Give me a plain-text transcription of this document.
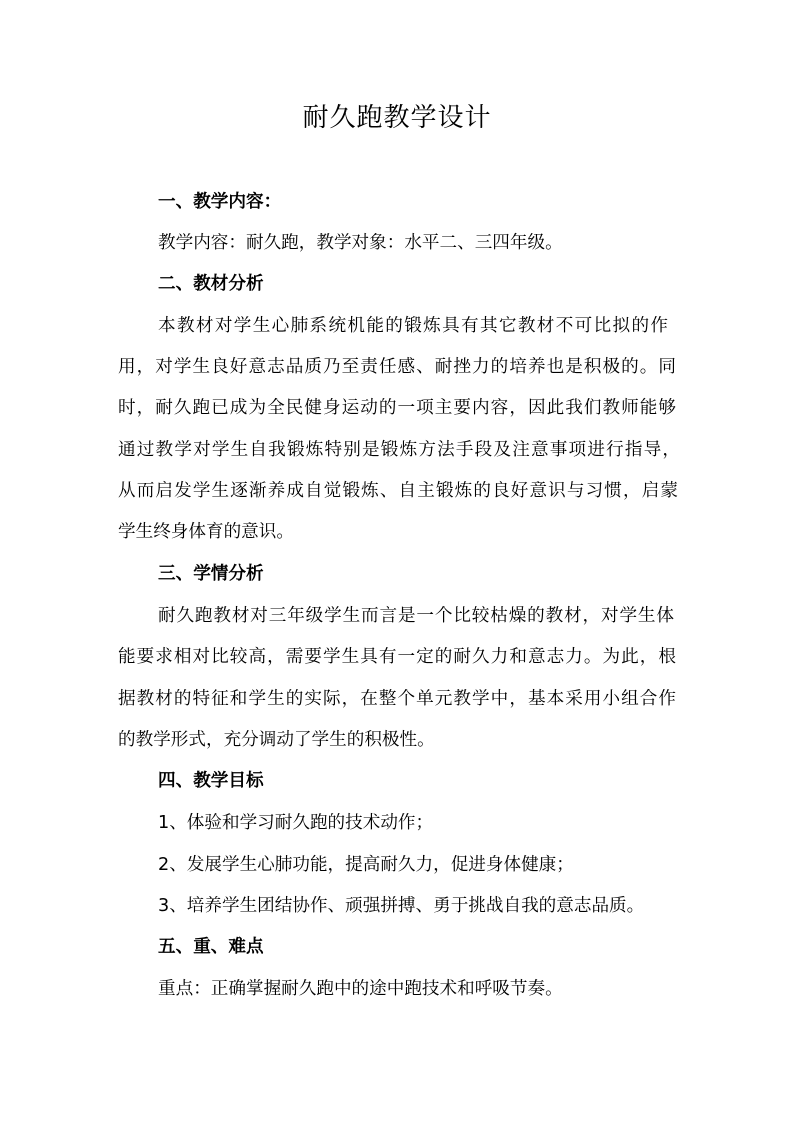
耐久跑教学设计
一、教学内容：
教学内容：耐久跑，教学对象：水平二、三四年级。
二、教材分析
本教材对学生心肺系统机能的锻炼具有其它教材不可比拟的作
用，对学生良好意志品质乃至责任感、耐挫力的培养也是积极的。同
时，耐久跑已成为全民健身运动的一项主要内容，因此我们教师能够
通过教学对学生自我锻炼特别是锻炼方法手段及注意事项进行指导，
从而启发学生逐渐养成自觉锻炼、自主锻炼的良好意识与习惯，启蒙
学生终身体育的意识。
三、学情分析
耐久跑教材对三年级学生而言是一个比较枯燥的教材，对学生体
能要求相对比较高，需要学生具有一定的耐久力和意志力。为此，根
据教材的特征和学生的实际，在整个单元教学中，基本采用小组合作
的教学形式，充分调动了学生的积极性。
四、教学目标
1、体验和学习耐久跑的技术动作；
2、发展学生心肺功能，提高耐久力，促进身体健康；
3、培养学生团结协作、顽强拼搏、勇于挑战自我的意志品质。
五、重、难点
重点：正确掌握耐久跑中的途中跑技术和呼吸节奏。
